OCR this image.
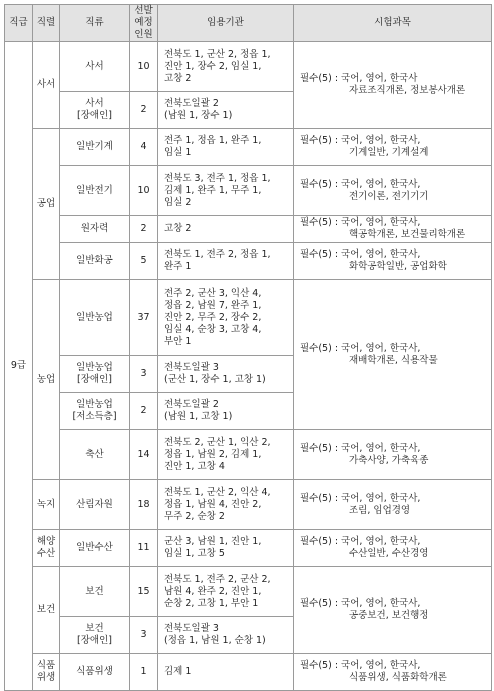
직급	직렬	직류	선발
예정
인원	임용기관	시험과목
9급	사서	사서	10	전북도 1, 군산 2, 정읍 1,
진안 1, 장수 2, 임실 1,
고창 2	필수(5) : 국어, 영어, 한국사
자료조직개론, 정보봉사개론

		사서
[장애인]	2	전북도일괄 2
(남원 1, 장수 1)	

	공업	일반기계	4	전주 1, 정읍 1, 완주 1,
임실 1	필수(5) : 국어, 영어, 한국사,
기계일반, 기계설계

		일반전기	10	전북도 3, 전주 1, 정읍 1,
김제 1, 완주 1, 무주 1,
임실 2	필수(5) : 국어, 영어, 한국사,
전기이론, 전기기기

		원자력	2	고창 2	필수(5) : 국어, 영어, 한국사,
핵공학개론, 보건물리학개론

		일반화공	5	전북도 1, 전주 2, 정읍 1,
완주 1	필수(5) : 국어, 영어, 한국사,
화학공학일반, 공업화학

	농업	일반농업	37	전주 2, 군산 3, 익산 4,
정읍 2, 남원 7, 완주 1,
진안 2, 무주 2, 장수 2,
임실 4, 순창 3, 고창 4,
부안 1	필수(5) : 국어, 영어, 한국사,
재배학개론, 식용작물

		일반농업
[장애인]	3	전북도일괄 3
(군산 1, 장수 1, 고창 1)	

		일반농업
[저소득층]	2	전북도일괄 2
(남원 1, 고창 1)	

		축산	14	전북도 2, 군산 1, 익산 2,
정읍 1, 남원 2, 김제 1,
진안 1, 고창 4	필수(5) : 국어, 영어, 한국사,
가축사양, 가축육종

	녹지	산림자원	18	전북도 1, 군산 2, 익산 4,
정읍 1, 남원 4, 진안 2,
무주 2, 순창 2	필수(5) : 국어, 영어, 한국사,
조림, 임업경영

	해양
수산	일반수산	11	군산 3, 남원 1, 진안 1,
임실 1, 고창 5	필수(5) : 국어, 영어, 한국사,
수산일반, 수산경영

	보건	보건	15	전북도 1, 전주 2, 군산 2,
남원 4, 완주 2, 진안 1,
순창 2, 고창 1, 부안 1	필수(5) : 국어, 영어, 한국사,
공중보건, 보건행정

		보건
[장애인]	3	전북도일괄 3
(정읍 1, 남원 1, 순창 1)	

	식품
위생	식품위생	1	김제 1	필수(5) : 국어, 영어, 한국사,
식품위생, 식품화학개론
